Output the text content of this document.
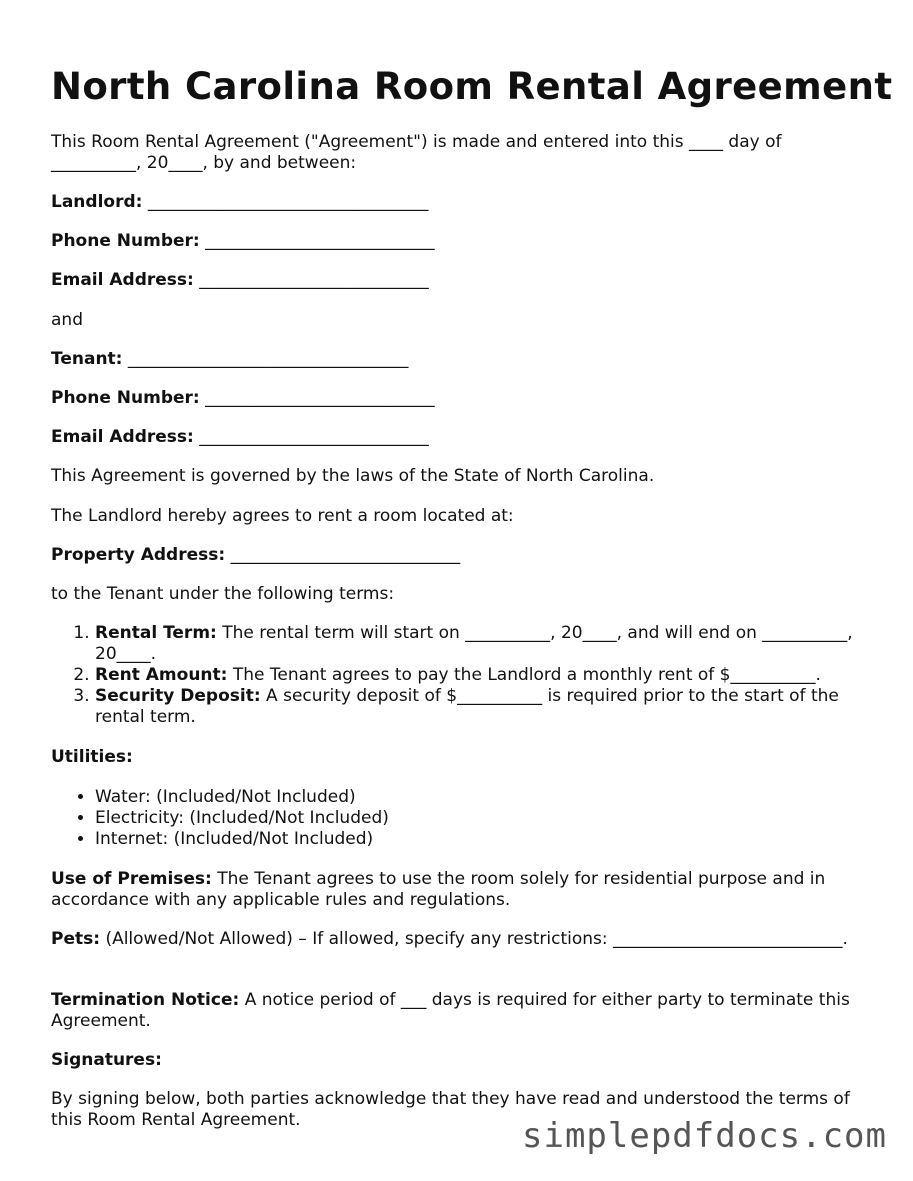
North Carolina Room Rental Agreement
This Room Rental Agreement ("Agreement") is made and entered into this ____ day of
__________, 20____, by and between:
Landlord: _________________________________
Phone Number: ___________________________
Email Address: ___________________________
and
Tenant: _________________________________
Phone Number: ___________________________
Email Address: ___________________________
This Agreement is governed by the laws of the State of North Carolina.
The Landlord hereby agrees to rent a room located at:
Property Address: ___________________________
to the Tenant under the following terms:
1. Rental Term: The rental term will start on __________, 20____, and will end on __________, 20____.
2. Rent Amount: The Tenant agrees to pay the Landlord a monthly rent of $__________.
3. Security Deposit: A security deposit of $__________ is required prior to the start of the rental term.
Utilities:
• Water: (Included/Not Included)
• Electricity: (Included/Not Included)
• Internet: (Included/Not Included)
Use of Premises: The Tenant agrees to use the room solely for residential purpose and in accordance with any applicable rules and regulations.
Pets: (Allowed/Not Allowed) – If allowed, specify any restrictions: ___________________________.
Termination Notice: A notice period of ___ days is required for either party to terminate this Agreement.
Signatures:
By signing below, both parties acknowledge that they have read and understood the terms of this Room Rental Agreement.	simplepdfdocs.com
